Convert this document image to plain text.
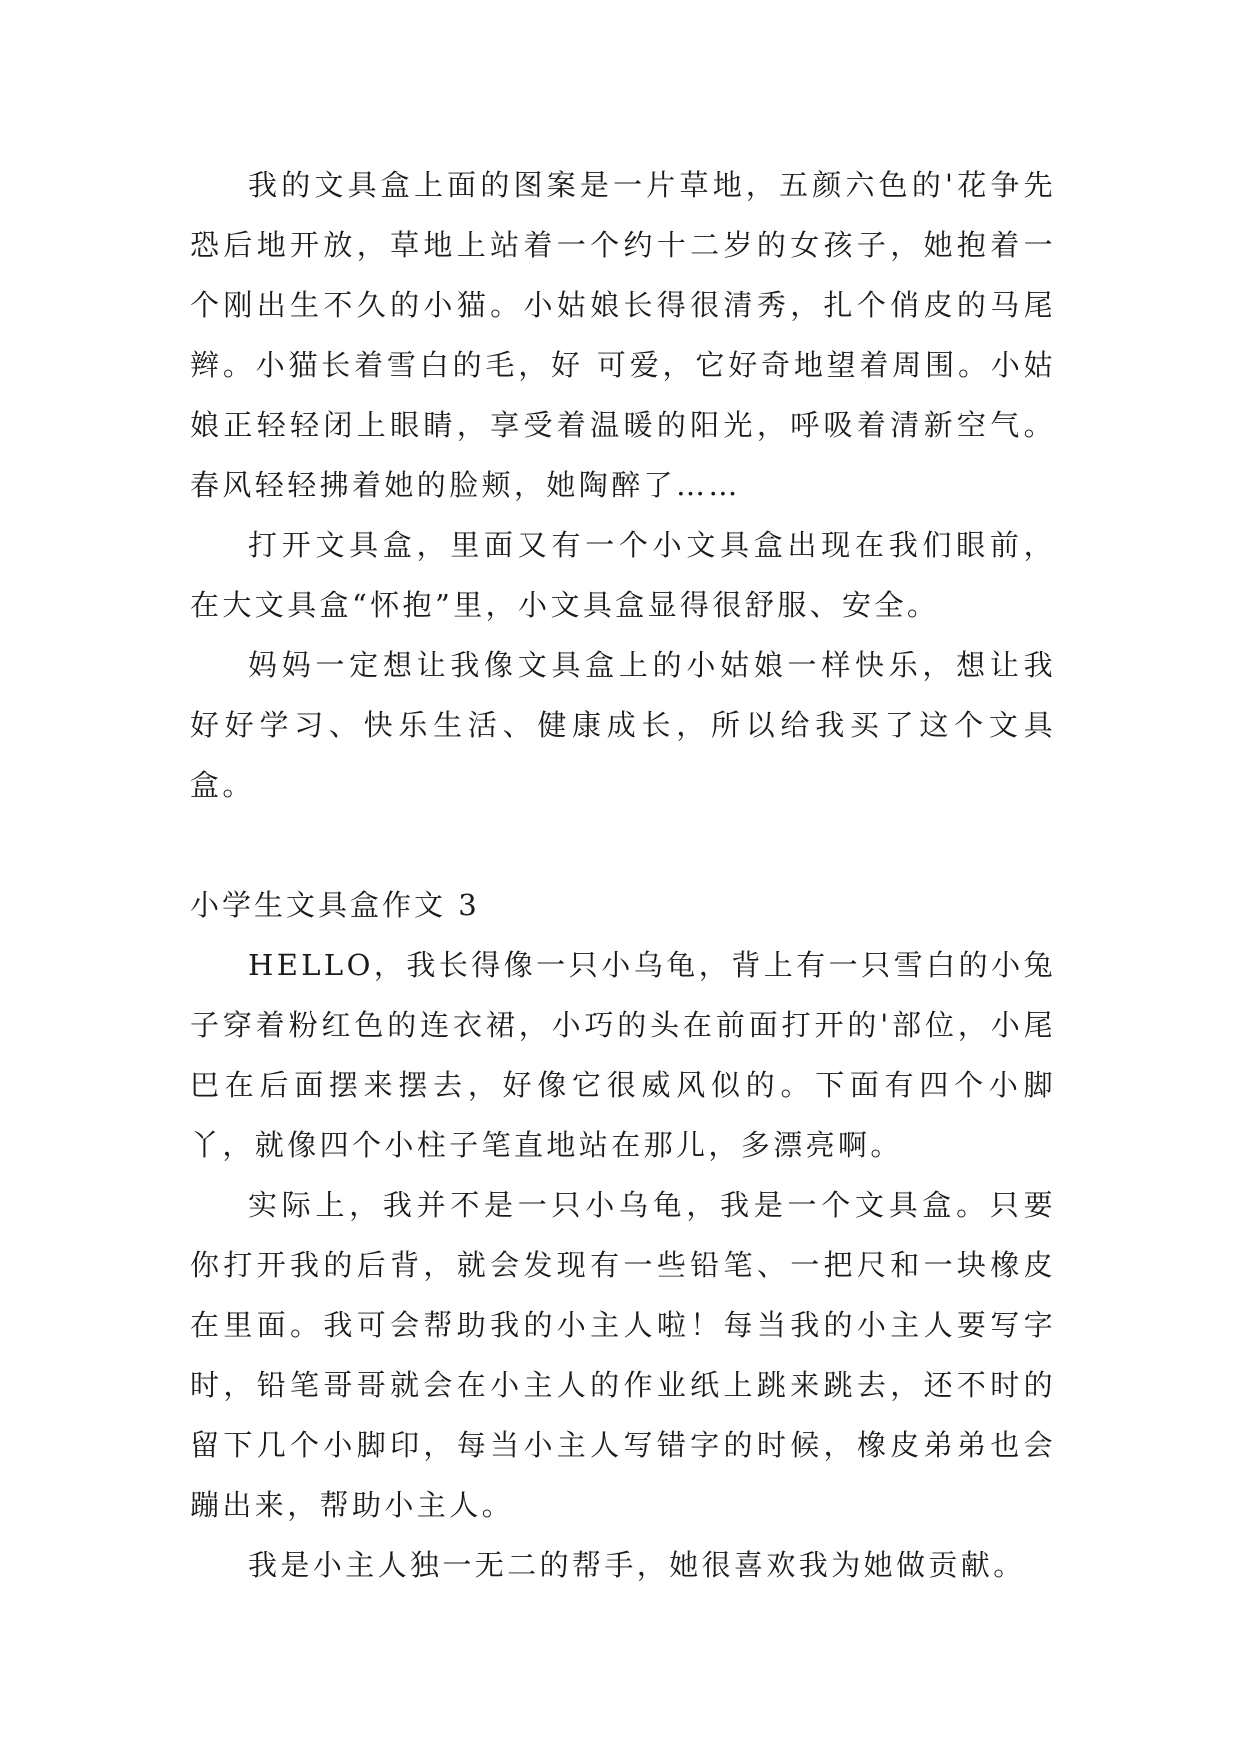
我的文具盒上面的图案是一片草地，五颜六色的'花争先恐后地开放，草地上站着一个约十二岁的女孩子，她抱着一个刚出生不久的小猫。小姑娘长得很清秀，扎个俏皮的马尾辫。小猫长着雪白的毛，好 可爱，它好奇地望着周围。小姑娘正轻轻闭上眼睛，享受着温暖的阳光，呼吸着清新空气。春风轻轻拂着她的脸颊，她陶醉了……

打开文具盒，里面又有一个小文具盒出现在我们眼前，在大文具盒“怀抱”里，小文具盒显得很舒服、安全。

妈妈一定想让我像文具盒上的小姑娘一样快乐，想让我好好学习、快乐生活、健康成长，所以给我买了这个文具盒。

小学生文具盒作文 3

HELLO，我长得像一只小乌龟，背上有一只雪白的小兔子穿着粉红色的连衣裙，小巧的头在前面打开的'部位，小尾巴在后面摆来摆去，好像它很威风似的。下面有四个小脚丫，就像四个小柱子笔直地站在那儿，多漂亮啊。

实际上，我并不是一只小乌龟，我是一个文具盒。只要你打开我的后背，就会发现有一些铅笔、一把尺和一块橡皮在里面。我可会帮助我的小主人啦！每当我的小主人要写字时，铅笔哥哥就会在小主人的作业纸上跳来跳去，还不时的留下几个小脚印，每当小主人写错字的时候，橡皮弟弟也会蹦出来，帮助小主人。

我是小主人独一无二的帮手，她很喜欢我为她做贡献。
